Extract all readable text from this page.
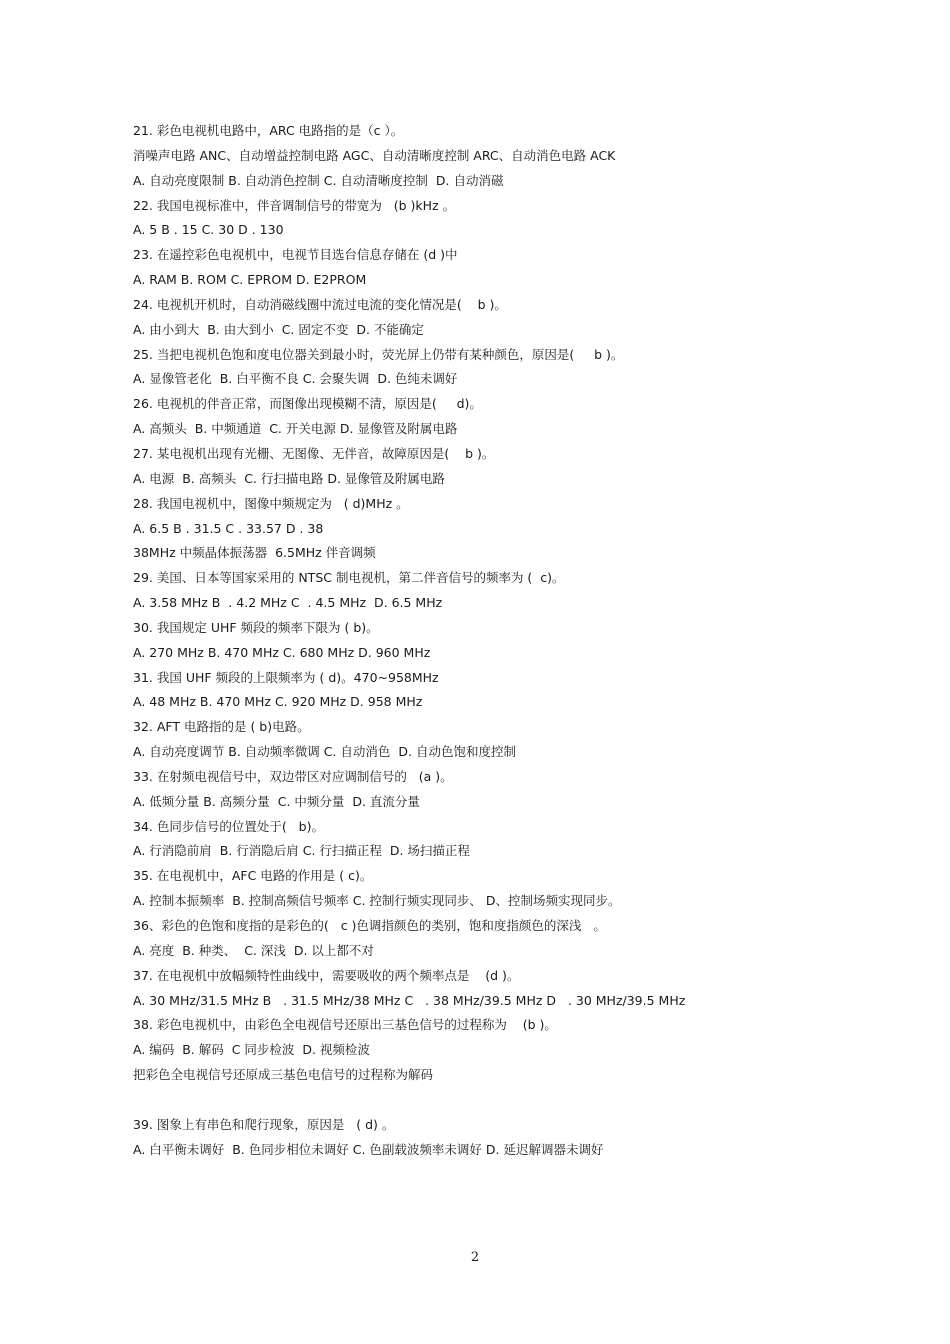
21. 彩色电视机电路中，ARC 电路指的是（c ）。
消噪声电路 ANC、自动增益控制电路 AGC、自动清晰度控制 ARC、自动消色电路 ACK
A. 自动亮度限制 B. 自动消色控制 C. 自动清晰度控制  D. 自动消磁
22. 我国电视标准中，伴音调制信号的带宽为   (b )kHz 。
A. 5 B . 15 C. 30 D . 130
23. 在遥控彩色电视机中，电视节目选台信息存储在 (d )中
A. RAM B. ROM C. EPROM D. E2PROM
24. 电视机开机时，自动消磁线圈中流过电流的变化情况是(    b )。
A. 由小到大  B. 由大到小  C. 固定不变  D. 不能确定
25. 当把电视机色饱和度电位器关到最小时，荧光屏上仍带有某种颜色，原因是(     b )。
A. 显像管老化  B. 白平衡不良 C. 会聚失调  D. 色纯未调好
26. 电视机的伴音正常，而图像出现模糊不清，原因是(     d)。
A. 高频头  B. 中频通道  C. 开关电源 D. 显像管及附属电路
27. 某电视机出现有光栅、无图像、无伴音，故障原因是(    b )。
A. 电源  B. 高频头  C. 行扫描电路 D. 显像管及附属电路
28. 我国电视机中，图像中频规定为   ( d)MHz 。
A. 6.5 B . 31.5 C . 33.57 D . 38
38MHz 中频晶体振荡器  6.5MHz 伴音调频
29. 美国、日本等国家采用的 NTSC 制电视机，第二伴音信号的频率为 (  c)。
A. 3.58 MHz B  . 4.2 MHz C  . 4.5 MHz  D. 6.5 MHz
30. 我国规定 UHF 频段的频率下限为 ( b)。
A. 270 MHz B. 470 MHz C. 680 MHz D. 960 MHz
31. 我国 UHF 频段的上限频率为 ( d)。470~958MHz
A. 48 MHz B. 470 MHz C. 920 MHz D. 958 MHz
32. AFT 电路指的是 ( b)电路。
A. 自动亮度调节 B. 自动频率微调 C. 自动消色  D. 自动色饱和度控制
33. 在射频电视信号中，双边带区对应调制信号的   (a )。
A. 低频分量 B. 高频分量  C. 中频分量  D. 直流分量
34. 色同步信号的位置处于(   b)。
A. 行消隐前肩  B. 行消隐后肩 C. 行扫描正程  D. 场扫描正程
35. 在电视机中，AFC 电路的作用是 ( c)。
A. 控制本振频率  B. 控制高频信号频率 C. 控制行频实现同步、 D、控制场频实现同步。
36、彩色的色饱和度指的是彩色的(   c )色调指颜色的类别，饱和度指颜色的深浅   。
A. 亮度  B. 种类、  C. 深浅  D. 以上都不对
37. 在电视机中放幅频特性曲线中，需要吸收的两个频率点是    (d )。
A. 30 MHz/31.5 MHz B   . 31.5 MHz/38 MHz C   . 38 MHz/39.5 MHz D   . 30 MHz/39.5 MHz
38. 彩色电视机中，由彩色全电视信号还原出三基色信号的过程称为    (b )。
A. 编码  B. 解码  C 同步检波  D. 视频检波
把彩色全电视信号还原成三基色电信号的过程称为解码
39. 图象上有串色和爬行现象，原因是   ( d) 。
A. 白平衡未调好  B. 色同步相位未调好 C. 色副载波频率未调好 D. 延迟解调器未调好
2
